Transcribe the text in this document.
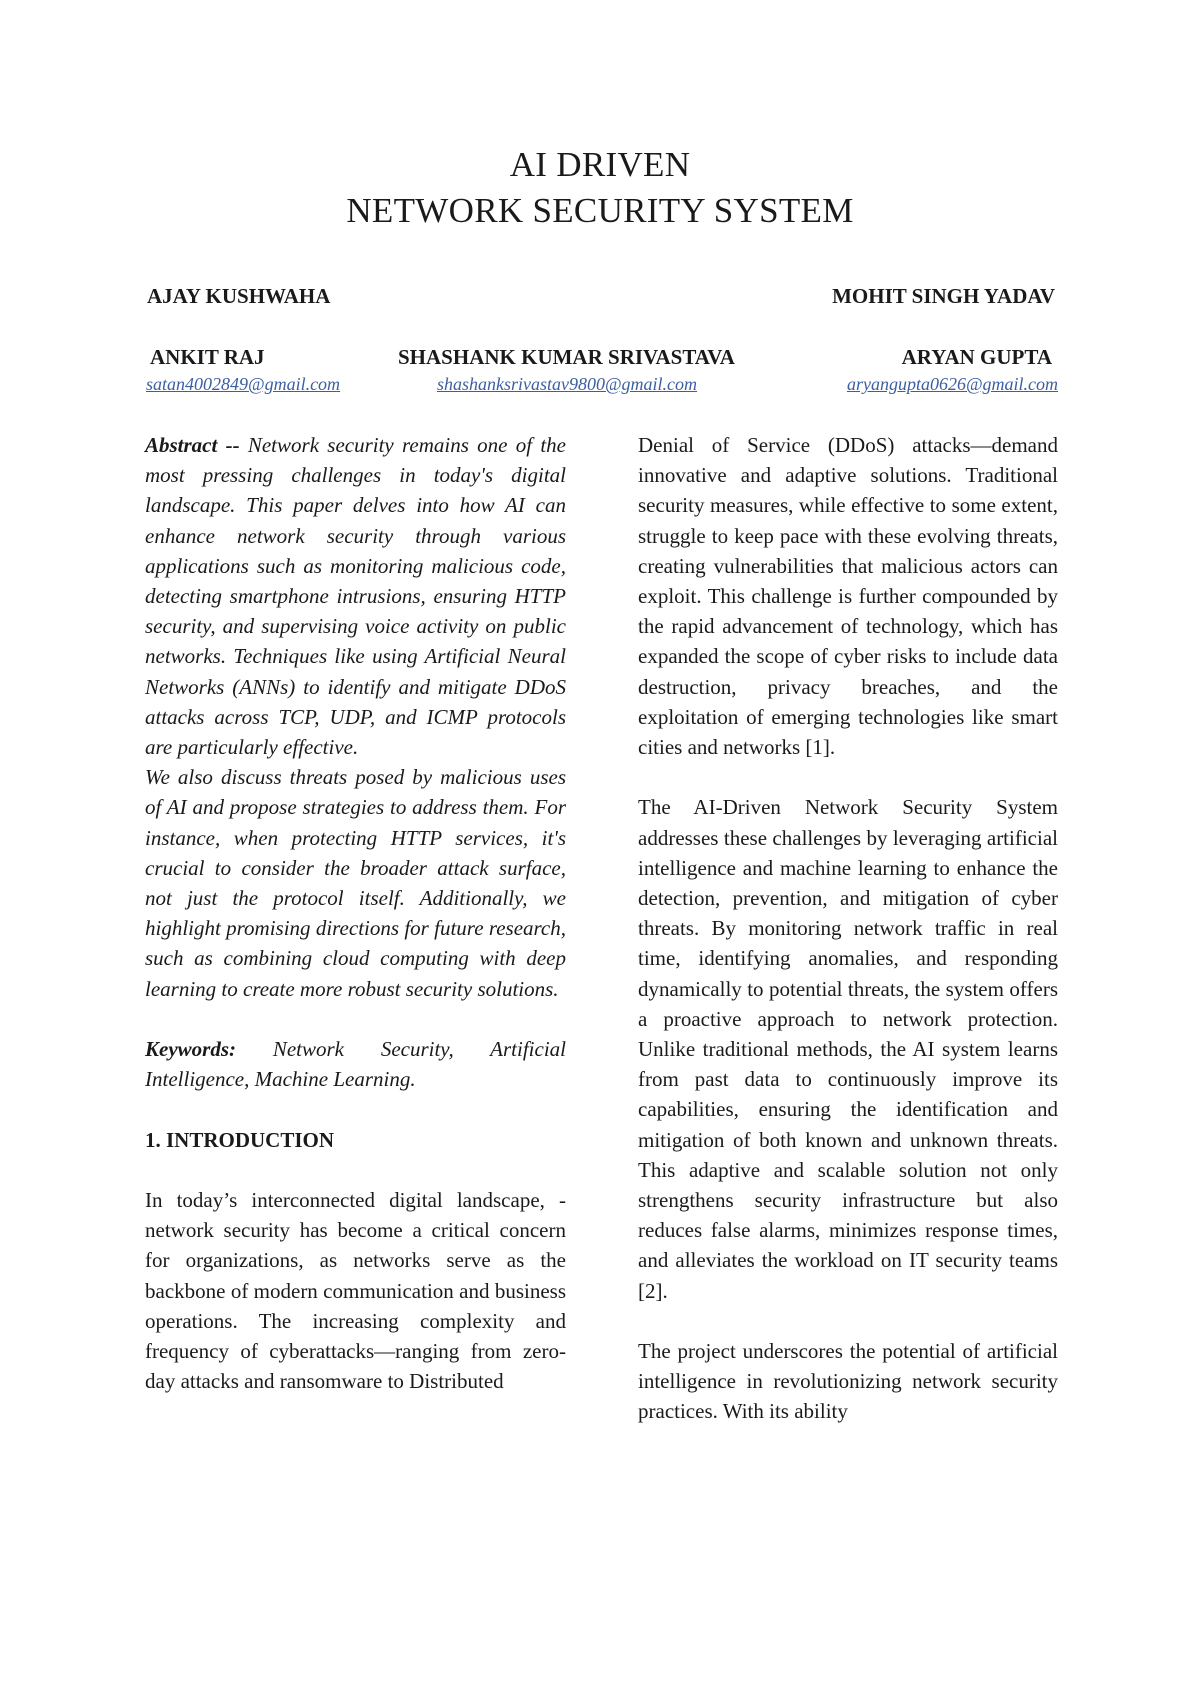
AI DRIVEN
NETWORK SECURITY SYSTEM
AJAY KUSHWAHA	MOHIT SINGH YADAV
ANKIT RAJ	SHASHANK KUMAR SRIVASTAVA	ARYAN GUPTA
satan4002849@gmail.com	shashanksrivastav9800@gmail.com	aryangupta0626@gmail.com

Abstract -- Network security remains one of the most pressing challenges in today's digital landscape. This paper delves into how AI can enhance network security through various applications such as monitoring malicious code, detecting smartphone intrusions, ensuring HTTP security, and supervising voice activity on public networks. Techniques like using Artificial Neural Networks (ANNs) to identify and mitigate DDoS attacks across TCP, UDP, and ICMP protocols are particularly effective.

We also discuss threats posed by malicious uses of AI and propose strategies to address them. For instance, when protecting HTTP services, it's crucial to consider the broader attack surface, not just the protocol itself. Additionally, we highlight promising directions for future research, such as combining cloud computing with deep learning to create more robust security solutions.

Keywords: Network Security, Artificial Intelligence, Machine Learning.

1. INTRODUCTION

In today’s interconnected digital landscape, -network security has become a critical concern for organizations, as networks serve as the backbone of modern communication and business operations. The increasing complexity and frequency of cyberattacks—ranging from zero-day attacks and ransomware to Distributed

Denial of Service (DDoS) attacks—demand innovative and adaptive solutions. Traditional security measures, while effective to some extent, struggle to keep pace with these evolving threats, creating vulnerabilities that malicious actors can exploit. This challenge is further compounded by the rapid advancement of technology, which has expanded the scope of cyber risks to include data destruction, privacy breaches, and the exploitation of emerging technologies like smart cities and networks [1].

The AI-Driven Network Security System addresses these challenges by leveraging artificial intelligence and machine learning to enhance the detection, prevention, and mitigation of cyber threats. By monitoring network traffic in real time, identifying anomalies, and responding dynamically to potential threats, the system offers a proactive approach to network protection. Unlike traditional methods, the AI system learns from past data to continuously improve its capabilities, ensuring the identification and mitigation of both known and unknown threats. This adaptive and scalable solution not only strengthens security infrastructure but also reduces false alarms, minimizes response times, and alleviates the workload on IT security teams [2].

The project underscores the potential of artificial intelligence in revolutionizing network security practices. With its ability
